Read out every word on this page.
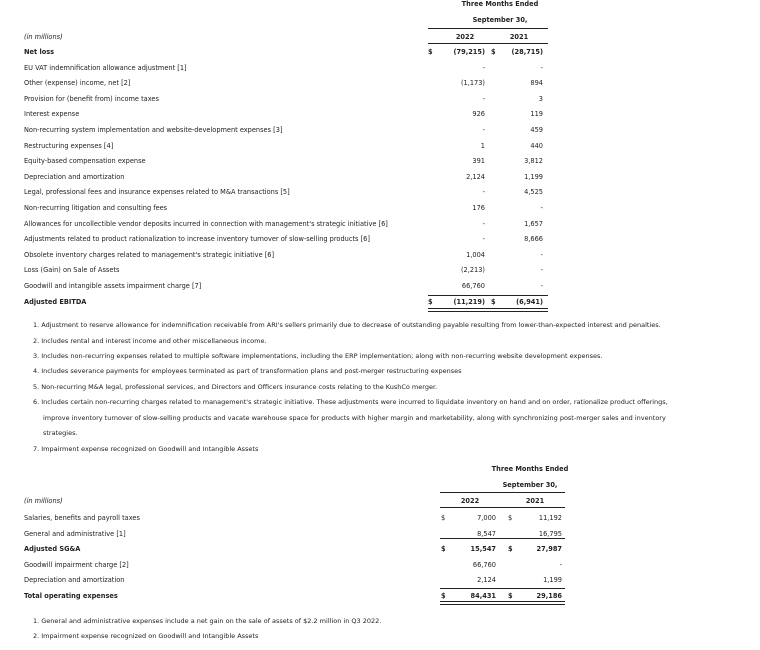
Three Months Ended
September 30,
2022	2021
(in millions)
Net loss	$	(79,215) $	(28,715)
EU VAT indemnification allowance adjustment [1]	-	-
Other (expense) income, net [2]	(1,173)	894
Provision for (benefit from) income taxes	-	3
Interest expense	926	119
Non-recurring system implementation and website-development expenses [3]	-	459
Restructuring expenses [4]	1	440
Equity-based compensation expense	391	3,812
Depreciation and amortization	2,124	1,199
Legal, professional fees and insurance expenses related to M&A transactions [5]	-	4,525
Non-recurring litigation and consulting fees	176	-
Allowances for uncollectible vendor deposits incurred in connection with management's strategic initiative [6]	-	1,657
Adjustments related to product rationalization to increase inventory turnover of slow-selling products [6]	-	8,666
Obsolete inventory charges related to management's strategic initiative [6]	1,004	-
Loss (Gain) on Sale of Assets	(2,213)	-
Goodwill and intangible assets impairment charge [7]	66,760	-
Adjusted EBITDA	$	(11,219) $	(6,941)
1. Adjustment to reserve allowance for indemnification receivable from ARI's sellers primarily due to decrease of outstanding payable resulting from lower-than-expected interest and penalties.
2. Includes rental and interest income and other miscellaneous income.
3. Includes non-recurring expenses related to multiple software implementations, including the ERP implementation; along with non-recurring website development expenses.
4. Includes severance payments for employees terminated as part of transformation plans and post-merger restructuring expenses
5. Non-recurring M&A legal, professional services, and Directors and Officers insurance costs relating to the KushCo merger.
6. Includes certain non-recurring charges related to management's strategic initiative. These adjustments were incurred to liquidate inventory on hand and on order, rationalize product offerings,
improve inventory turnover of slow-selling products and vacate warehouse space for products with higher margin and marketability, along with synchronizing post-merger sales and inventory
strategies.
7. Impairment expense recognized on Goodwill and Intangible Assets
Three Months Ended
September 30,
2022	2021
(in millions)
Salaries, benefits and payroll taxes	$	7,000 $	11,192
General and administrative [1]	8,547	16,795
Adjusted SG&A	$	15,547 $	27,987
Goodwill impairment charge [2]	66,760	-
Depreciation and amortization	2,124	1,199
Total operating expenses	$	84,431 $	29,186
1. General and administrative expenses include a net gain on the sale of assets of $2.2 million in Q3 2022.
2. Impairment expense recognized on Goodwill and Intangible Assets
